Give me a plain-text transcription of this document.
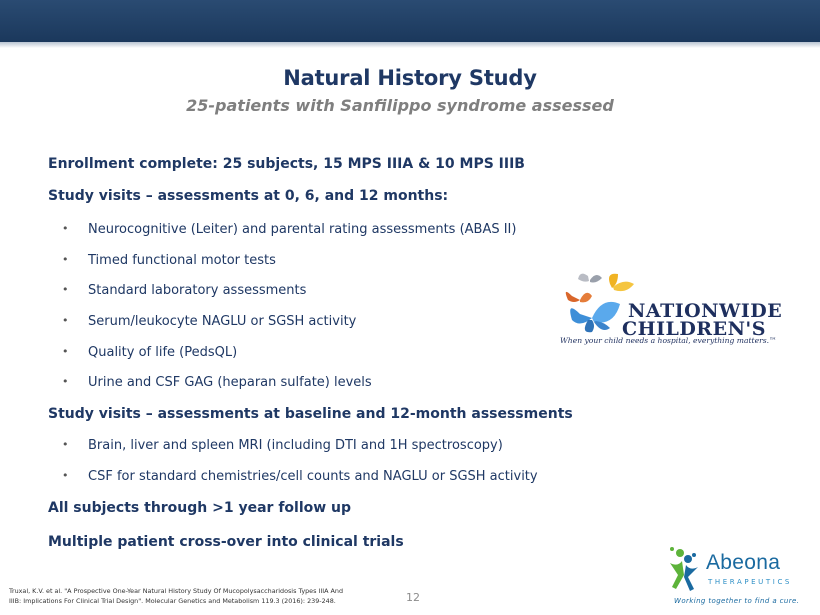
Natural History Study
25-patients with Sanfilippo syndrome assessed
Enrollment complete: 25 subjects, 15 MPS IIIA & 10 MPS IIIB
Study visits – assessments at 0, 6, and 12 months:
• Neurocognitive (Leiter) and parental rating assessments (ABAS II)
• Timed functional motor tests
• Standard laboratory assessments
• Serum/leukocyte NAGLU or SGSH activity
• Quality of life (PedsQL)
• Urine and CSF GAG (heparan sulfate) levels
Study visits – assessments at baseline and 12-month assessments
• Brain, liver and spleen MRI (including DTI and 1H spectroscopy)
• CSF for standard chemistries/cell counts and NAGLU or SGSH activity
All subjects through >1 year follow up
Multiple patient cross-over into clinical trials
NATIONWIDE
CHILDREN'S
When your child needs a hospital, everything matters.™
Truxal, K.V. et al. "A Prospective One-Year Natural History Study Of Mucopolysaccharidosis Types IIIA And
IIIB: Implications For Clinical Trial Design". Molecular Genetics and Metabolism 119.3 (2016): 239-248.	12
Abeona
THERAPEUTICS
Working together to find a cure.
